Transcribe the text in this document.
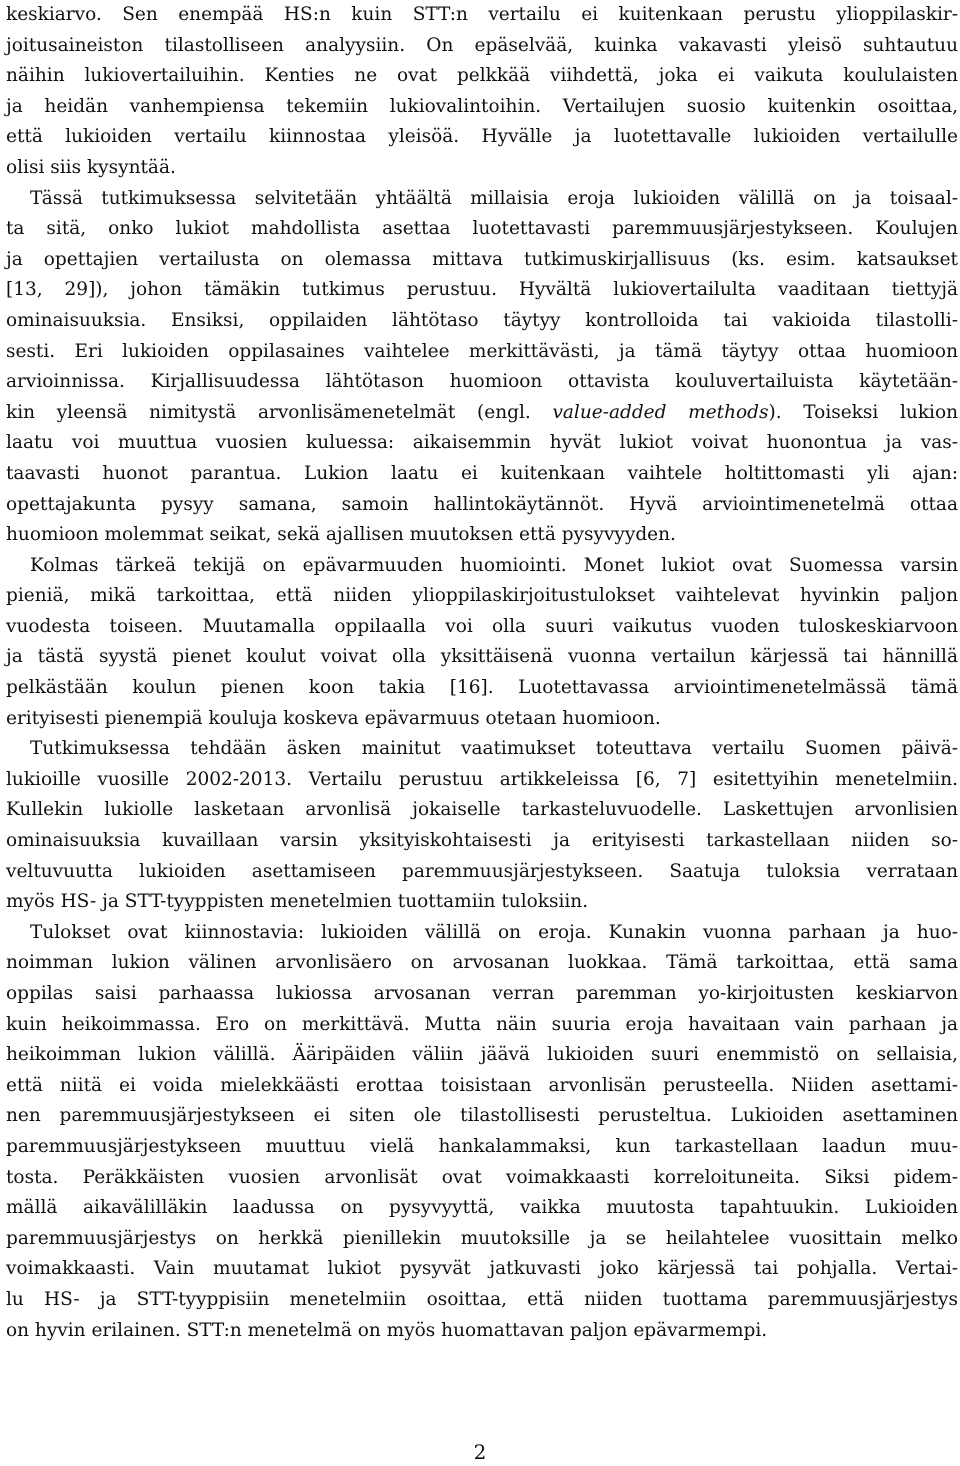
keskiarvo. Sen enempää HS:n kuin STT:n vertailu ei kuitenkaan perustu ylioppilaskir-
joitusaineiston tilastolliseen analyysiin. On epäselvää, kuinka vakavasti yleisö suhtautuu
näihin lukiovertailuihin. Kenties ne ovat pelkkää viihdettä, joka ei vaikuta koululaisten
ja heidän vanhempiensa tekemiin lukiovalintoihin. Vertailujen suosio kuitenkin osoittaa,
että lukioiden vertailu kiinnostaa yleisöä. Hyvälle ja luotettavalle lukioiden vertailulle
olisi siis kysyntää.
Tässä tutkimuksessa selvitetään yhtäältä millaisia eroja lukioiden välillä on ja toisaal-
ta sitä, onko lukiot mahdollista asettaa luotettavasti paremmuusjärjestykseen. Koulujen
ja opettajien vertailusta on olemassa mittava tutkimuskirjallisuus (ks. esim. katsaukset
[13, 29]), johon tämäkin tutkimus perustuu. Hyvältä lukiovertailulta vaaditaan tiettyjä
ominaisuuksia. Ensiksi, oppilaiden lähtötaso täytyy kontrolloida tai vakioida tilastolli-
sesti. Eri lukioiden oppilasaines vaihtelee merkittävästi, ja tämä täytyy ottaa huomioon
arvioinnissa. Kirjallisuudessa lähtötason huomioon ottavista kouluvertailuista käytetään-
kin yleensä nimitystä arvonlisämenetelmät (engl. value-added methods). Toiseksi lukion
laatu voi muuttua vuosien kuluessa: aikaisemmin hyvät lukiot voivat huonontua ja vas-
taavasti huonot parantua. Lukion laatu ei kuitenkaan vaihtele holtittomasti yli ajan:
opettajakunta pysyy samana, samoin hallintokäytännöt. Hyvä arviointimenetelmä ottaa
huomioon molemmat seikat, sekä ajallisen muutoksen että pysyvyyden.
Kolmas tärkeä tekijä on epävarmuuden huomiointi. Monet lukiot ovat Suomessa varsin
pieniä, mikä tarkoittaa, että niiden ylioppilaskirjoitustulokset vaihtelevat hyvinkin paljon
vuodesta toiseen. Muutamalla oppilaalla voi olla suuri vaikutus vuoden tuloskeskiarvoon
ja tästä syystä pienet koulut voivat olla yksittäisenä vuonna vertailun kärjessä tai hännillä
pelkästään koulun pienen koon takia [16]. Luotettavassa arviointimenetelmässä tämä
erityisesti pienempiä kouluja koskeva epävarmuus otetaan huomioon.
Tutkimuksessa tehdään äsken mainitut vaatimukset toteuttava vertailu Suomen päivä-
lukioille vuosille 2002-2013. Vertailu perustuu artikkeleissa [6, 7] esitettyihin menetelmiin.
Kullekin lukiolle lasketaan arvonlisä jokaiselle tarkasteluvuodelle. Laskettujen arvonlisien
ominaisuuksia kuvaillaan varsin yksityiskohtaisesti ja erityisesti tarkastellaan niiden so-
veltuvuutta lukioiden asettamiseen paremmuusjärjestykseen. Saatuja tuloksia verrataan
myös HS- ja STT-tyyppisten menetelmien tuottamiin tuloksiin.
Tulokset ovat kiinnostavia: lukioiden välillä on eroja. Kunakin vuonna parhaan ja huo-
noimman lukion välinen arvonlisäero on arvosanan luokkaa. Tämä tarkoittaa, että sama
oppilas saisi parhaassa lukiossa arvosanan verran paremman yo-kirjoitusten keskiarvon
kuin heikoimmassa. Ero on merkittävä. Mutta näin suuria eroja havaitaan vain parhaan ja
heikoimman lukion välillä. Ääripäiden väliin jäävä lukioiden suuri enemmistö on sellaisia,
että niitä ei voida mielekkäästi erottaa toisistaan arvonlisän perusteella. Niiden asettami-
nen paremmuusjärjestykseen ei siten ole tilastollisesti perusteltua. Lukioiden asettaminen
paremmuusjärjestykseen muuttuu vielä hankalammaksi, kun tarkastellaan laadun muu-
tosta. Peräkkäisten vuosien arvonlisät ovat voimakkaasti korreloituneita. Siksi pidem-
mällä aikavälilläkin laadussa on pysyvyyttä, vaikka muutosta tapahtuukin. Lukioiden
paremmuusjärjestys on herkkä pienillekin muutoksille ja se heilahtelee vuosittain melko
voimakkaasti. Vain muutamat lukiot pysyvät jatkuvasti joko kärjessä tai pohjalla. Vertai-
lu HS- ja STT-tyyppisiin menetelmiin osoittaa, että niiden tuottama paremmuusjärjestys
on hyvin erilainen. STT:n menetelmä on myös huomattavan paljon epävarmempi.
2
